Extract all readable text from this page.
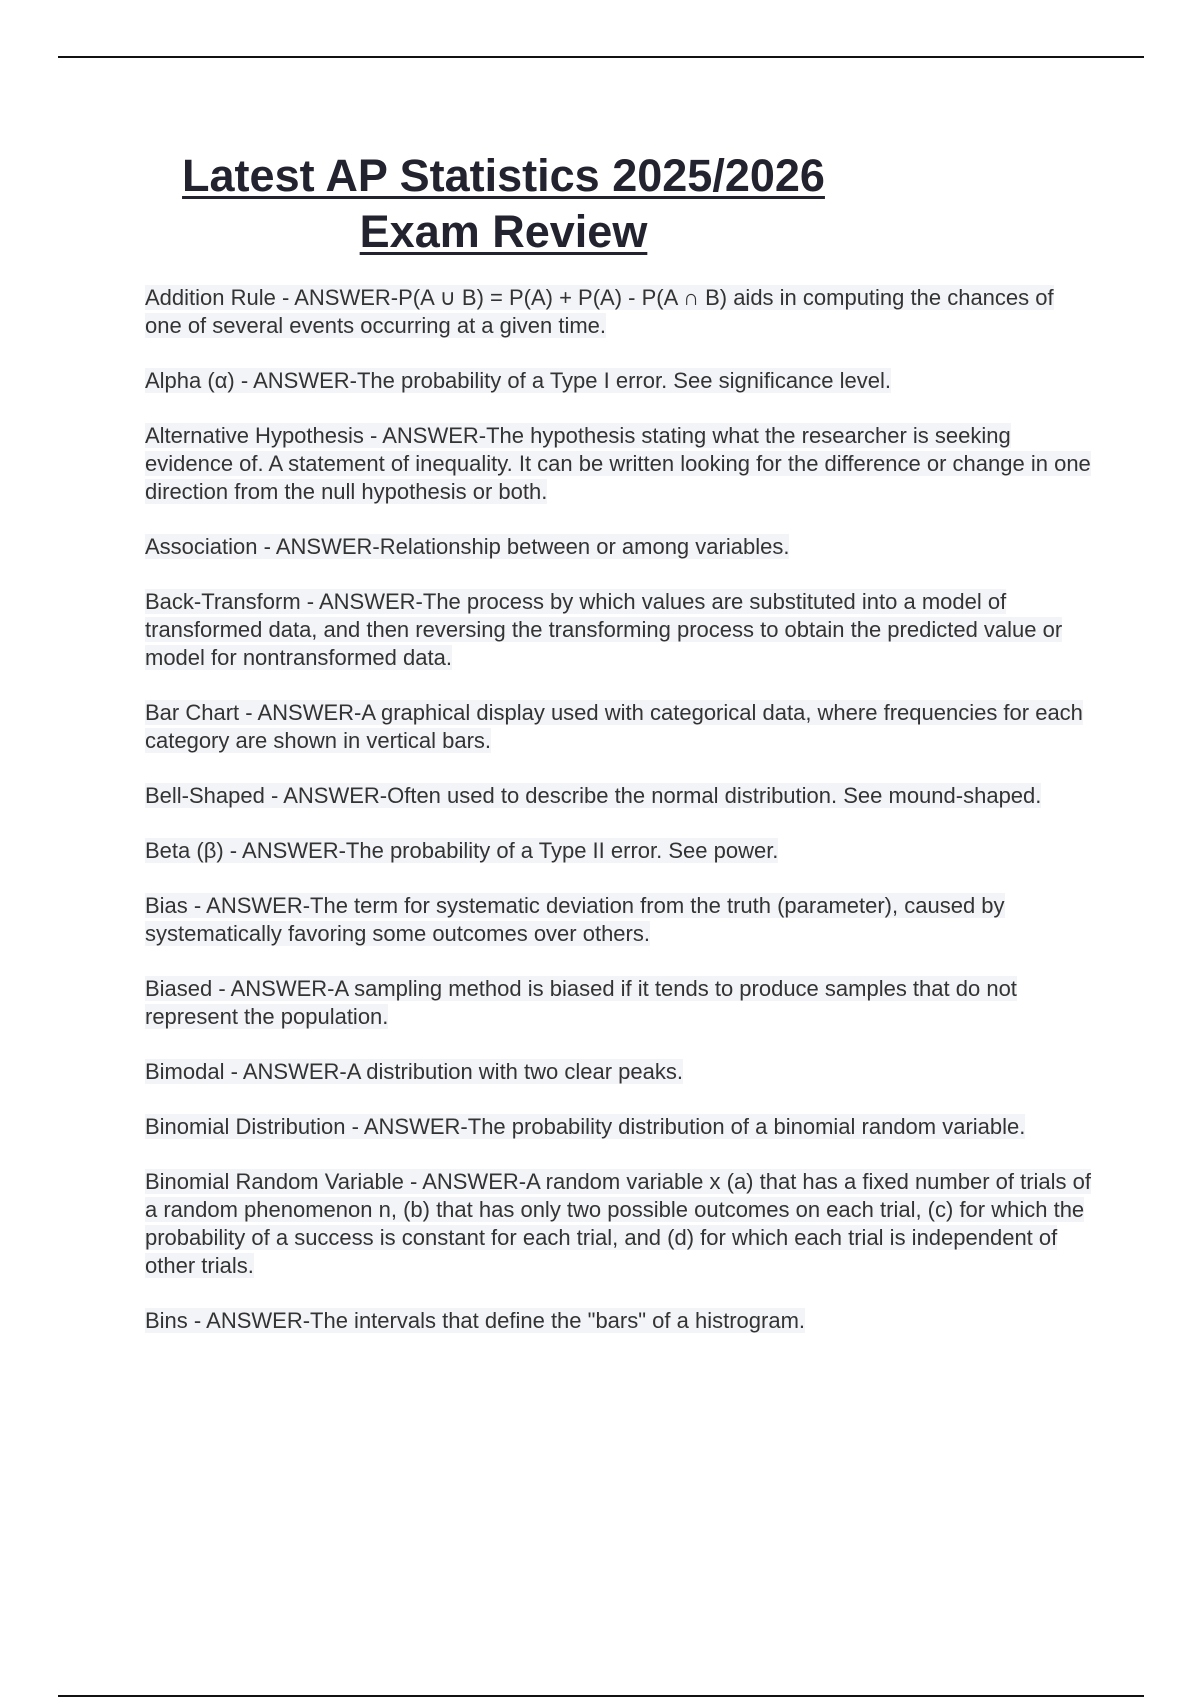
Latest AP Statistics 2025/2026
Exam Review

Addition Rule - ANSWER-P(A ∪ B) = P(A) + P(A) - P(A ∩ B) aids in computing the chances of one of several events occurring at a given time.

Alpha (α) - ANSWER-The probability of a Type I error. See significance level.

Alternative Hypothesis - ANSWER-The hypothesis stating what the researcher is seeking evidence of. A statement of inequality. It can be written looking for the difference or change in one direction from the null hypothesis or both.

Association - ANSWER-Relationship between or among variables.

Back-Transform - ANSWER-The process by which values are substituted into a model of transformed data, and then reversing the transforming process to obtain the predicted value or model for nontransformed data.

Bar Chart - ANSWER-A graphical display used with categorical data, where frequencies for each category are shown in vertical bars.

Bell-Shaped - ANSWER-Often used to describe the normal distribution. See mound-shaped.

Beta (β) - ANSWER-The probability of a Type II error. See power.

Bias - ANSWER-The term for systematic deviation from the truth (parameter), caused by systematically favoring some outcomes over others.

Biased - ANSWER-A sampling method is biased if it tends to produce samples that do not represent the population.

Bimodal - ANSWER-A distribution with two clear peaks.

Binomial Distribution - ANSWER-The probability distribution of a binomial random variable.

Binomial Random Variable - ANSWER-A random variable x (a) that has a fixed number of trials of a random phenomenon n, (b) that has only two possible outcomes on each trial, (c) for which the probability of a success is constant for each trial, and (d) for which each trial is independent of other trials.

Bins - ANSWER-The intervals that define the "bars" of a histrogram.
